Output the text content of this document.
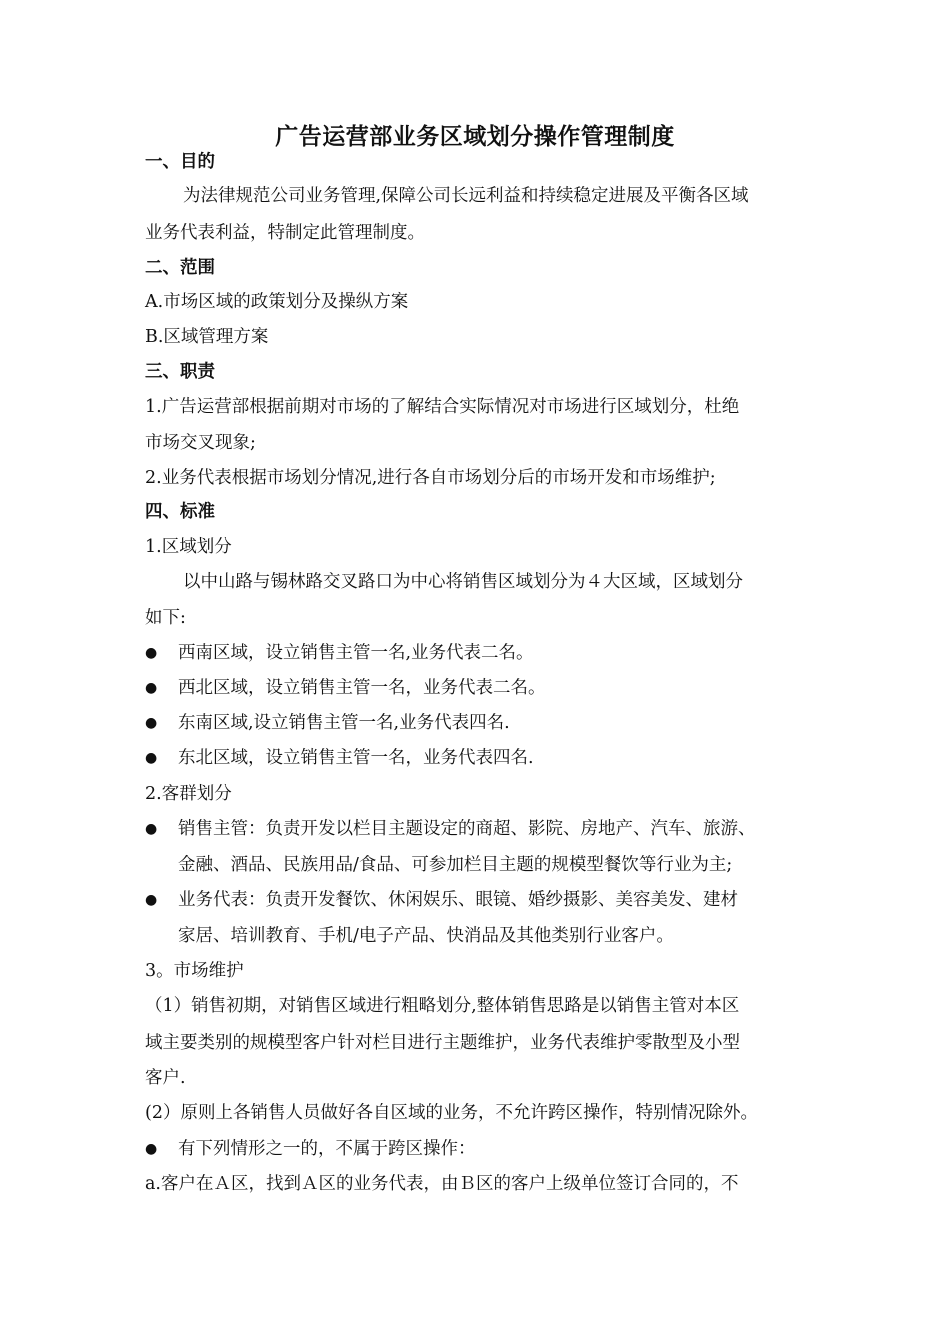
广告运营部业务区域划分操作管理制度
一、目的
为法律规范公司业务管理,保障公司长远利益和持续稳定进展及平衡各区域
业务代表利益，特制定此管理制度。
二、范围
A.市场区域的政策划分及操纵方案
B.区域管理方案
三、职责
1.广告运营部根据前期对市场的了解结合实际情况对市场进行区域划分，杜绝
市场交叉现象;
2.业务代表根据市场划分情况,进行各自市场划分后的市场开发和市场维护;
四、标准
1.区域划分
以中山路与锡林路交叉路口为中心将销售区域划分为４大区域，区域划分
如下:
● 西南区域，设立销售主管一名,业务代表二名。
● 西北区域，设立销售主管一名，业务代表二名。
● 东南区域,设立销售主管一名,业务代表四名.
● 东北区域，设立销售主管一名，业务代表四名.
2.客群划分
● 销售主管：负责开发以栏目主题设定的商超、影院、房地产、汽车、旅游、
金融、酒品、民族用品/食品、可参加栏目主题的规模型餐饮等行业为主;
● 业务代表：负责开发餐饮、休闲娱乐、眼镜、婚纱摄影、美容美发、建材
家居、培训教育、手机/电子产品、快消品及其他类别行业客户。
3。市场维护
（1）销售初期，对销售区域进行粗略划分,整体销售思路是以销售主管对本区
域主要类别的规模型客户针对栏目进行主题维护，业务代表维护零散型及小型
客户.
(2）原则上各销售人员做好各自区域的业务，不允许跨区操作，特别情况除外。
● 有下列情形之一的，不属于跨区操作：
a.客户在Ａ区，找到Ａ区的业务代表，由Ｂ区的客户上级单位签订合同的，不
